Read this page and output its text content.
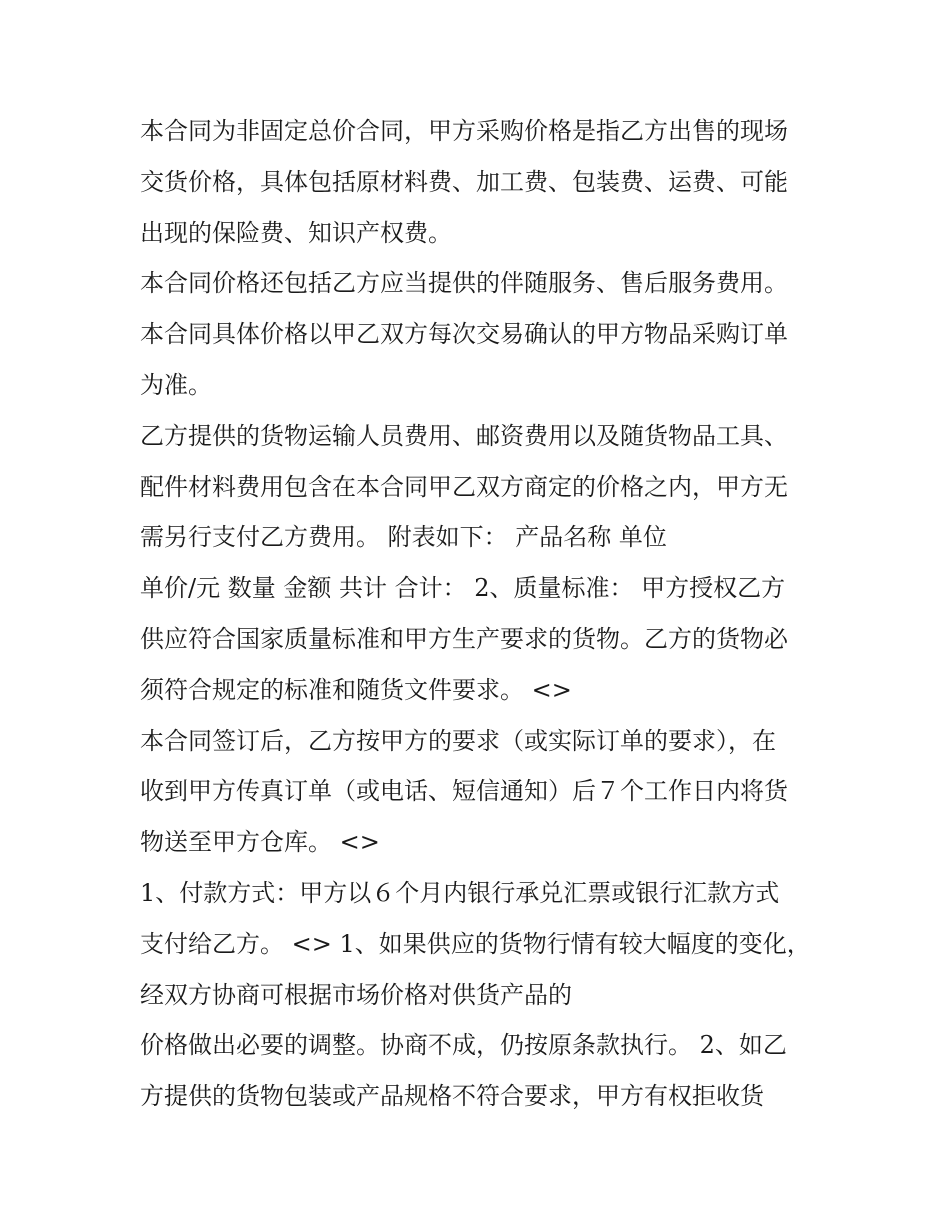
本合同为非固定总价合同，甲方采购价格是指乙方出售的现场
交货价格，具体包括原材料费、加工费、包装费、运费、可能
出现的保险费、知识产权费。
本合同价格还包括乙方应当提供的伴随服务、售后服务费用。
本合同具体价格以甲乙双方每次交易确认的甲方物品采购订单
为准。
乙方提供的货物运输人员费用、邮资费用以及随货物品工具、
配件材料费用包含在本合同甲乙双方商定的价格之内，甲方无
需另行支付乙方费用。 附表如下： 产品名称 单位
单价/元 数量 金额 共计 合计： 2、质量标准： 甲方授权乙方
供应符合国家质量标准和甲方生产要求的货物。乙方的货物必
须符合规定的标准和随货文件要求。 <>
本合同签订后，乙方按甲方的要求（或实际订单的要求），在
收到甲方传真订单（或电话、短信通知）后７个工作日内将货
物送至甲方仓库。 <>
1、付款方式：甲方以６个月内银行承兑汇票或银行汇款方式
支付给乙方。 <> 1、如果供应的货物行情有较大幅度的变化，
经双方协商可根据市场价格对供货产品的
价格做出必要的调整。协商不成，仍按原条款执行。 2、如乙
方提供的货物包装或产品规格不符合要求，甲方有权拒收货
